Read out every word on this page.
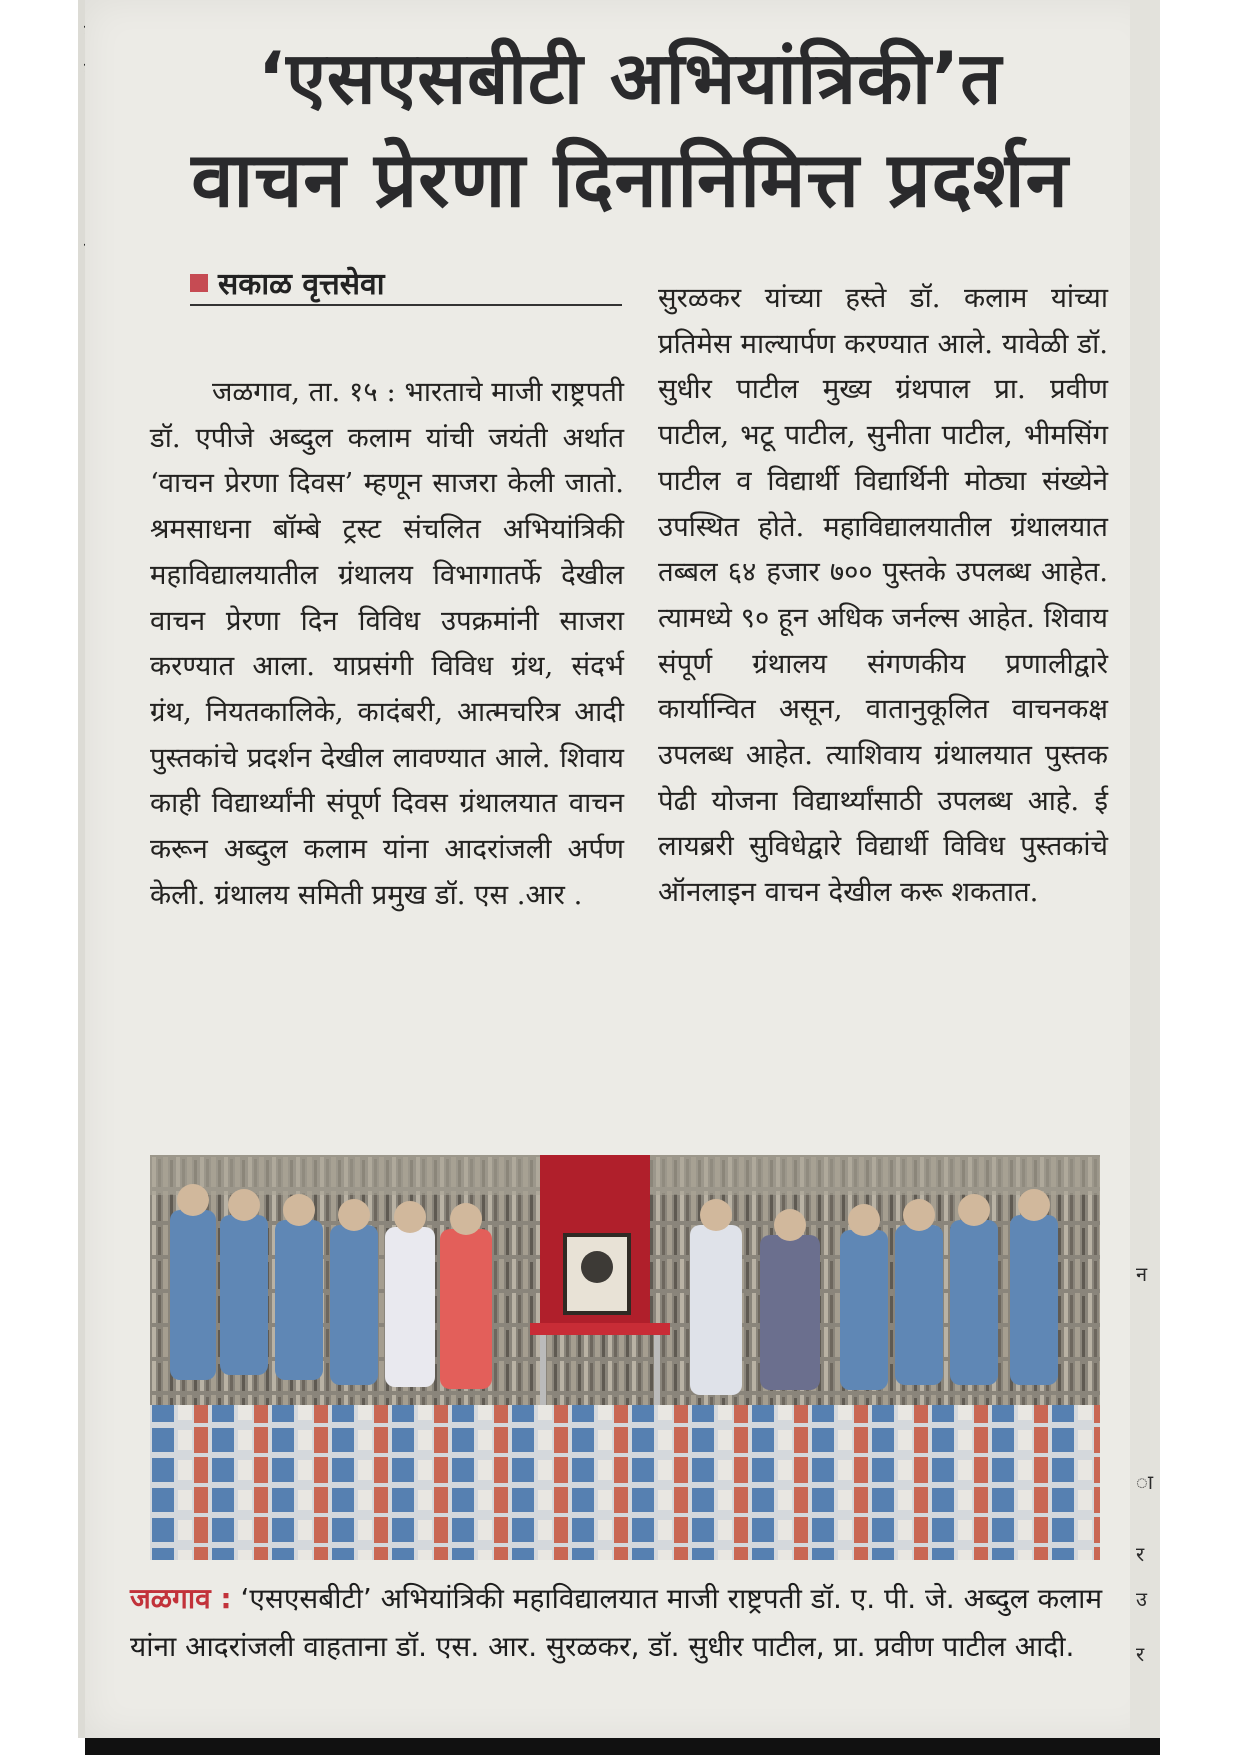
न
ा
र
उ
र
‘एसएसबीटी अभियांत्रिकी’त
वाचन प्रेरणा दिनानिमित्त प्रदर्शन
सकाळ वृत्तसेवा

जळगाव, ता. १५ : भारताचे माजी राष्ट्रपती डॉ. एपीजे अब्दुल कलाम यांची जयंती अर्थात ‘वाचन प्रेरणा दिवस’ म्हणून साजरा केली जातो. श्रमसाधना बॉम्बे ट्रस्ट संचलित अभियांत्रिकी महाविद्यालयातील ग्रंथालय विभागातर्फे देखील वाचन प्रेरणा दिन विविध उपक्रमांनी साजरा करण्यात आला. याप्रसंगी विविध ग्रंथ, संदर्भ ग्रंथ, नियतकालिके, कादंबरी, आत्मचरित्र आदी पुस्तकांचे प्रदर्शन देखील लावण्यात आले. शिवाय काही विद्यार्थ्यांनी संपूर्ण दिवस ग्रंथालयात वाचन करून अब्दुल कलाम यांना आदरांजली अर्पण केली. ग्रंथालय समिती प्रमुख डॉ. एस .आर .

सुरळकर यांच्या हस्ते डॉ. कलाम यांच्या प्रतिमेस माल्यार्पण करण्यात आले. यावेळी डॉ. सुधीर पाटील मुख्य ग्रंथपाल प्रा. प्रवीण पाटील, भटू पाटील, सुनीता पाटील, भीमसिंग पाटील व विद्यार्थी विद्यार्थिनी मोठ्या संख्येने उपस्थित होते. महाविद्यालयातील ग्रंथालयात तब्बल ६४ हजार ७०० पुस्तके उपलब्ध आहेत. त्यामध्ये ९० हून अधिक जर्नल्स आहेत. शिवाय संपूर्ण ग्रंथालय संगणकीय प्रणालीद्वारे कार्यान्वित असून, वातानुकूलित वाचनकक्ष उपलब्ध आहेत. त्याशिवाय ग्रंथालयात पुस्तक पेढी योजना विद्यार्थ्यांसाठी उपलब्ध आहे. ई लायब्ररी सुविधेद्वारे विद्यार्थी विविध पुस्तकांचे ऑनलाइन वाचन देखील करू शकतात.

जळगाव : ‘एसएसबीटी’ अभियांत्रिकी महाविद्यालयात माजी राष्ट्रपती डॉ. ए. पी. जे. अब्दुल कलाम यांना आदरांजली वाहताना डॉ. एस. आर. सुरळकर, डॉ. सुधीर पाटील, प्रा. प्रवीण पाटील आदी.
